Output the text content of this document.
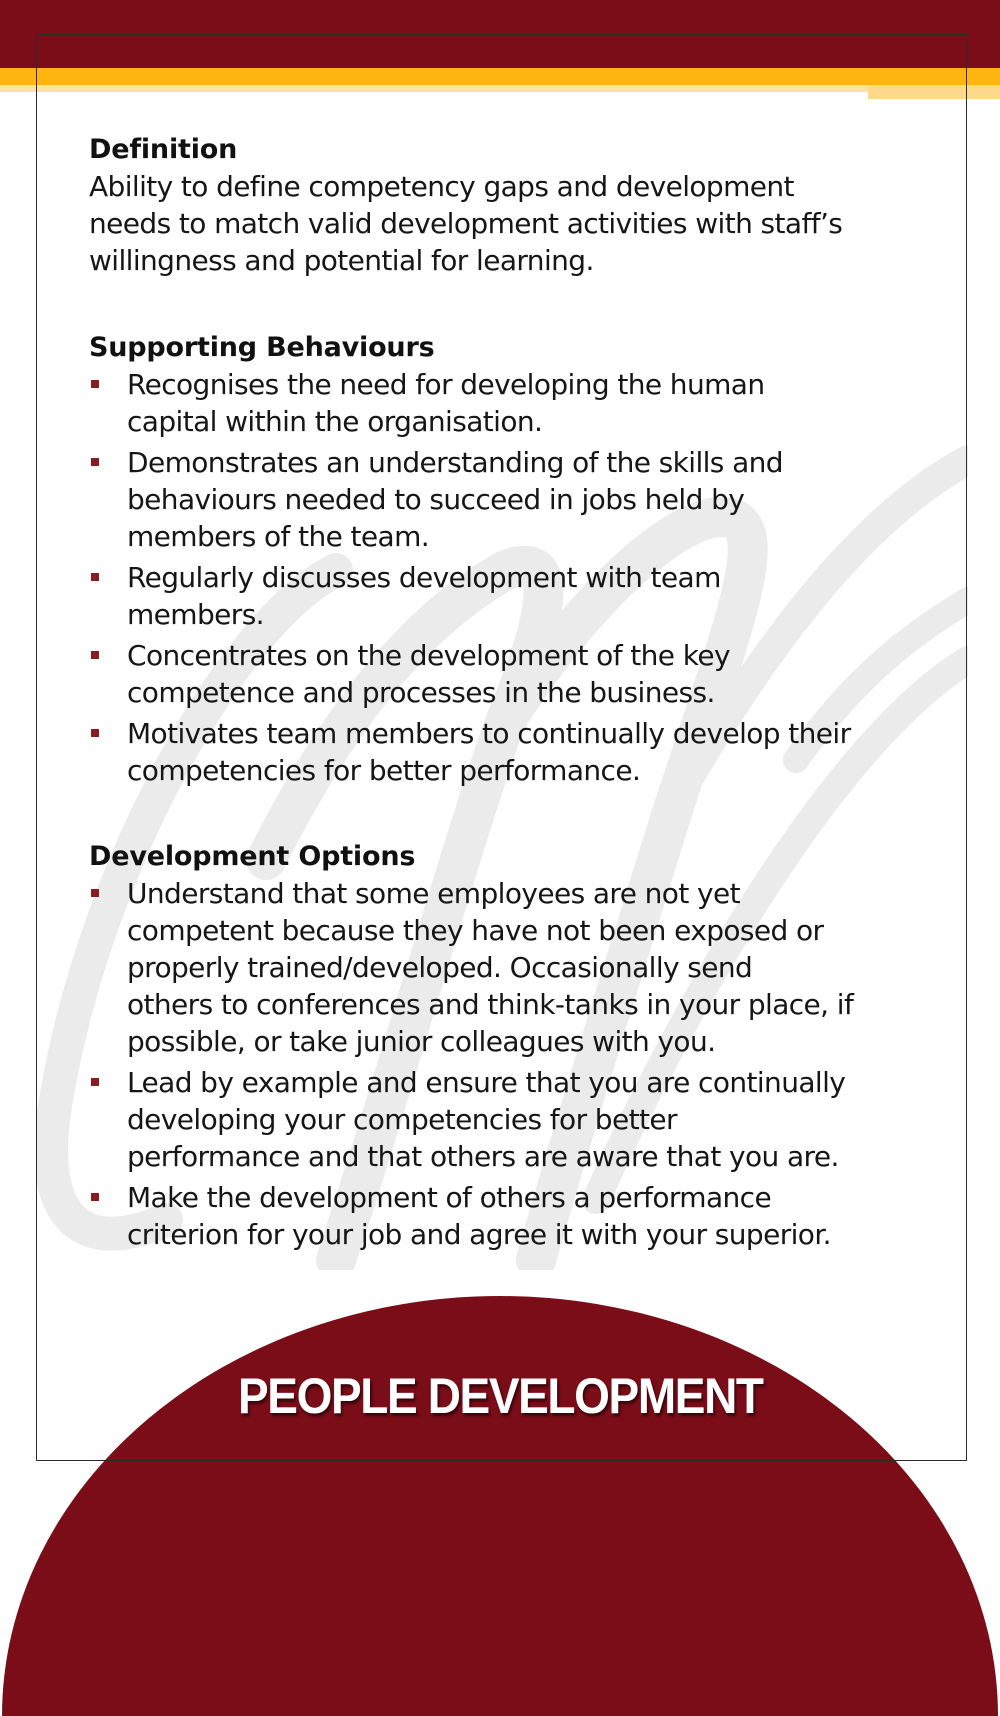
Definition
Ability to define competency gaps and development
needs to match valid development activities with staff’s
willingness and potential for learning.
Supporting Behaviours
Recognises the need for developing the human
capital within the organisation.
Demonstrates an understanding of the skills and
behaviours needed to succeed in jobs held by
members of the team.
Regularly discusses development with team
members.
Concentrates on the development of the key
competence and processes in the business.
Motivates team members to continually develop their
competencies for better performance.
Development Options
Understand that some employees are not yet
competent because they have not been exposed or
properly trained/developed. Occasionally send
others to conferences and think-tanks in your place, if
possible, or take junior colleagues with you.
Lead by example and ensure that you are continually
developing your competencies for better
performance and that others are aware that you are.
Make the development of others a performance
criterion for your job and agree it with your superior.
PEOPLE DEVELOPMENT
